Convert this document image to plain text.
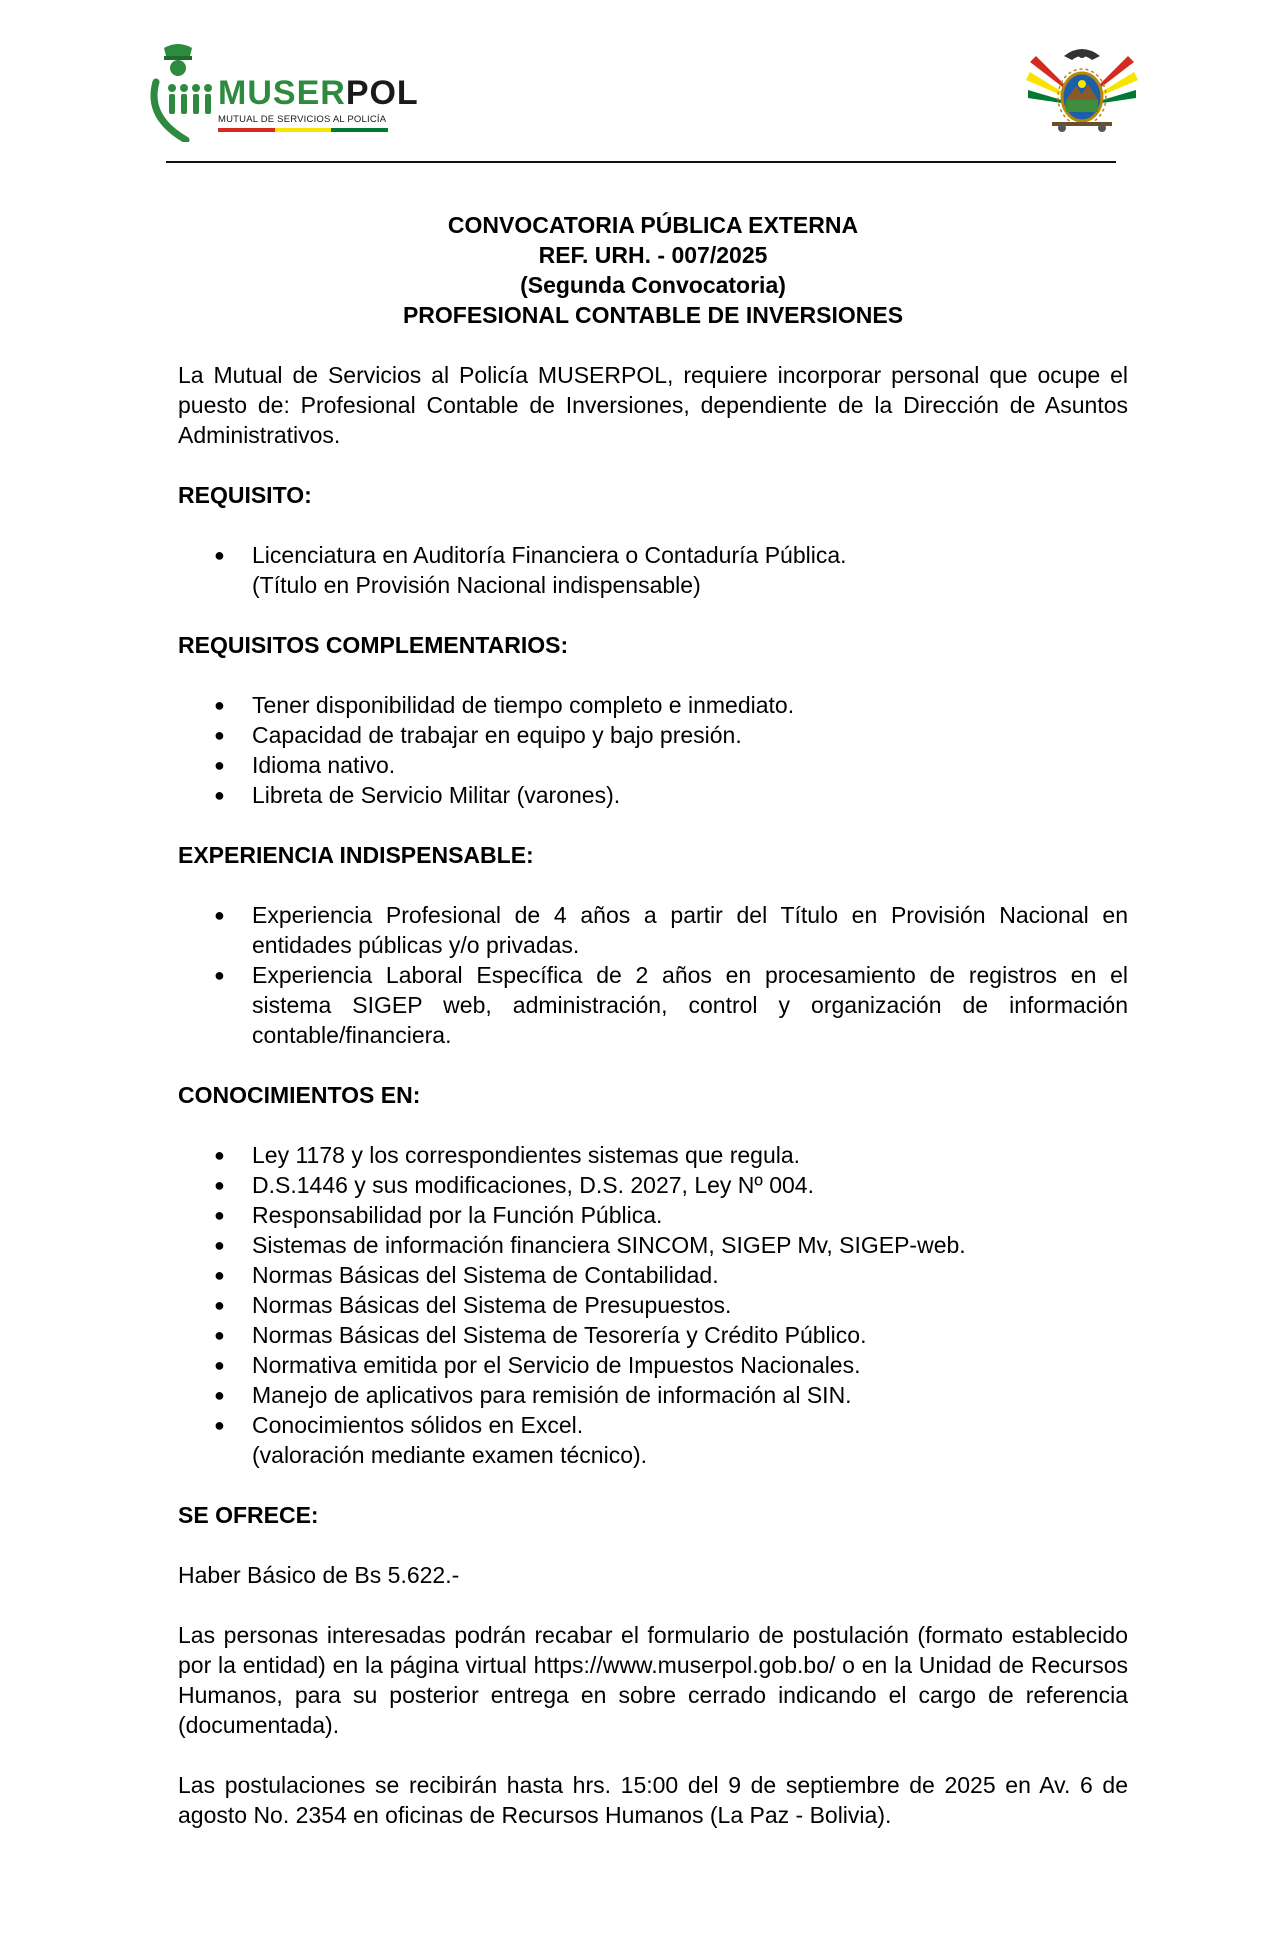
MUSERPOL
MUTUAL DE SERVICIOS AL POLICÍA
CONVOCATORIA PÚBLICA EXTERNA
REF. URH. - 007/2025
(Segunda Convocatoria)
PROFESIONAL CONTABLE DE INVERSIONES

La Mutual de Servicios al Policía MUSERPOL, requiere incorporar personal que ocupe el puesto de: Profesional Contable de Inversiones, dependiente de la Dirección de Asuntos Administrativos.

REQUISITO:
● Licenciatura en Auditoría Financiera o Contaduría Pública.
(Título en Provisión Nacional indispensable)
REQUISITOS COMPLEMENTARIOS:
● Tener disponibilidad de tiempo completo e inmediato.
● Capacidad de trabajar en equipo y bajo presión.
● Idioma nativo.
● Libreta de Servicio Militar (varones).
EXPERIENCIA INDISPENSABLE:
● Experiencia Profesional de 4 años a partir del Título en Provisión Nacional en entidades públicas y/o privadas.
● Experiencia Laboral Específica de 2 años en procesamiento de registros en el sistema SIGEP web, administración, control y organización de información contable/financiera.
CONOCIMIENTOS EN:
● Ley 1178 y los correspondientes sistemas que regula.
● D.S.1446 y sus modificaciones, D.S. 2027, Ley Nº 004.
● Responsabilidad por la Función Pública.
● Sistemas de información financiera SINCOM, SIGEP Mv, SIGEP-web.
● Normas Básicas del Sistema de Contabilidad.
● Normas Básicas del Sistema de Presupuestos.
● Normas Básicas del Sistema de Tesorería y Crédito Público.
● Normativa emitida por el Servicio de Impuestos Nacionales.
● Manejo de aplicativos para remisión de información al SIN.
● Conocimientos sólidos en Excel.
(valoración mediante examen técnico).
SE OFRECE:

Haber Básico de Bs 5.622.-

Las personas interesadas podrán recabar el formulario de postulación (formato establecido por la entidad) en la página virtual https://www.muserpol.gob.bo/ o en la Unidad de Recursos Humanos, para su posterior entrega en sobre cerrado indicando el cargo de referencia (documentada).

Las postulaciones se recibirán hasta hrs. 15:00 del 9 de septiembre de 2025 en Av. 6 de agosto No. 2354 en oficinas de Recursos Humanos (La Paz - Bolivia).
